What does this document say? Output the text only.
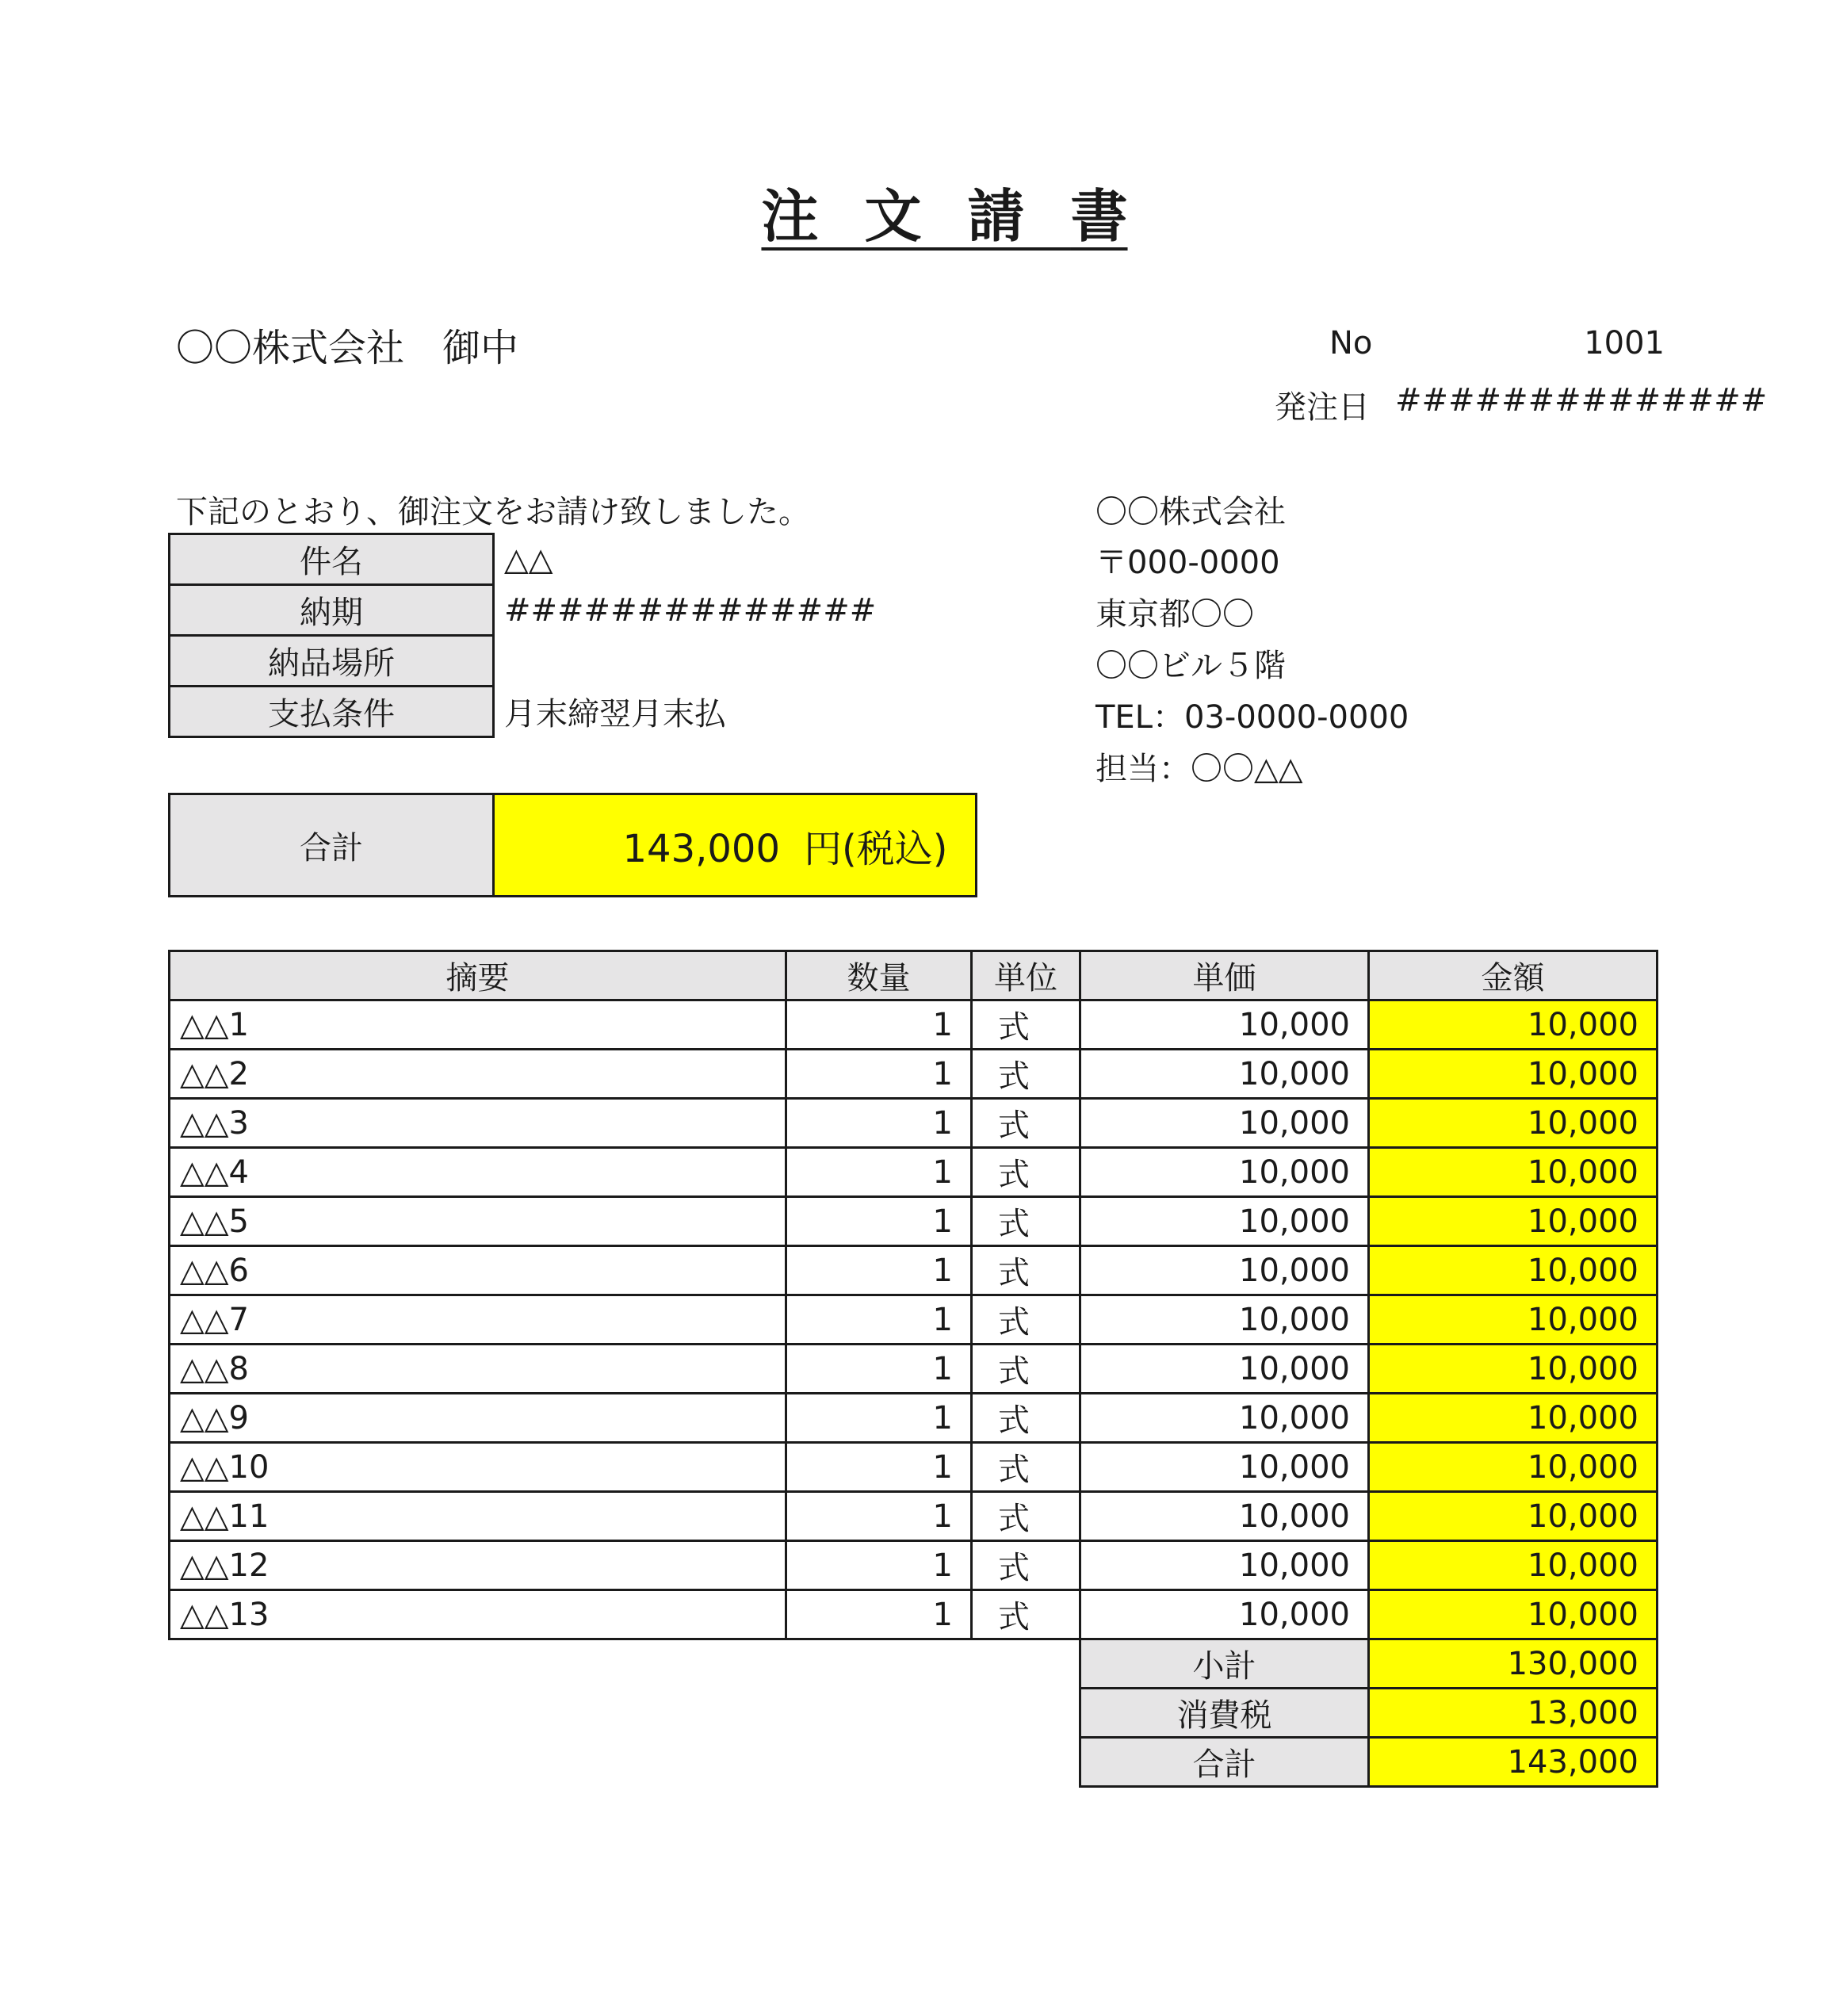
注文請書
〇〇株式会社　御中	No	1001
発注日 ##############
下記のとおり、御注文をお請け致しました。	〇〇株式会社
〒000-0000
東京都〇〇
〇〇ビル５階
TEL：03-0000-0000
担当：〇〇△△
件名	△△
納期	##############
納品場所	
支払条件	月末締翌月末払
合計	143,000 円(税込)
摘要	数量	単位	単価	金額
△△1	1	式	10,000	10,000
△△2	1	式	10,000	10,000
△△3	1	式	10,000	10,000
△△4	1	式	10,000	10,000
△△5	1	式	10,000	10,000
△△6	1	式	10,000	10,000
△△7	1	式	10,000	10,000
△△8	1	式	10,000	10,000
△△9	1	式	10,000	10,000
△△10	1	式	10,000	10,000
△△11	1	式	10,000	10,000
△△12	1	式	10,000	10,000
△△13	1	式	10,000	10,000
			小計	130,000
			消費税	13,000
			合計	143,000
